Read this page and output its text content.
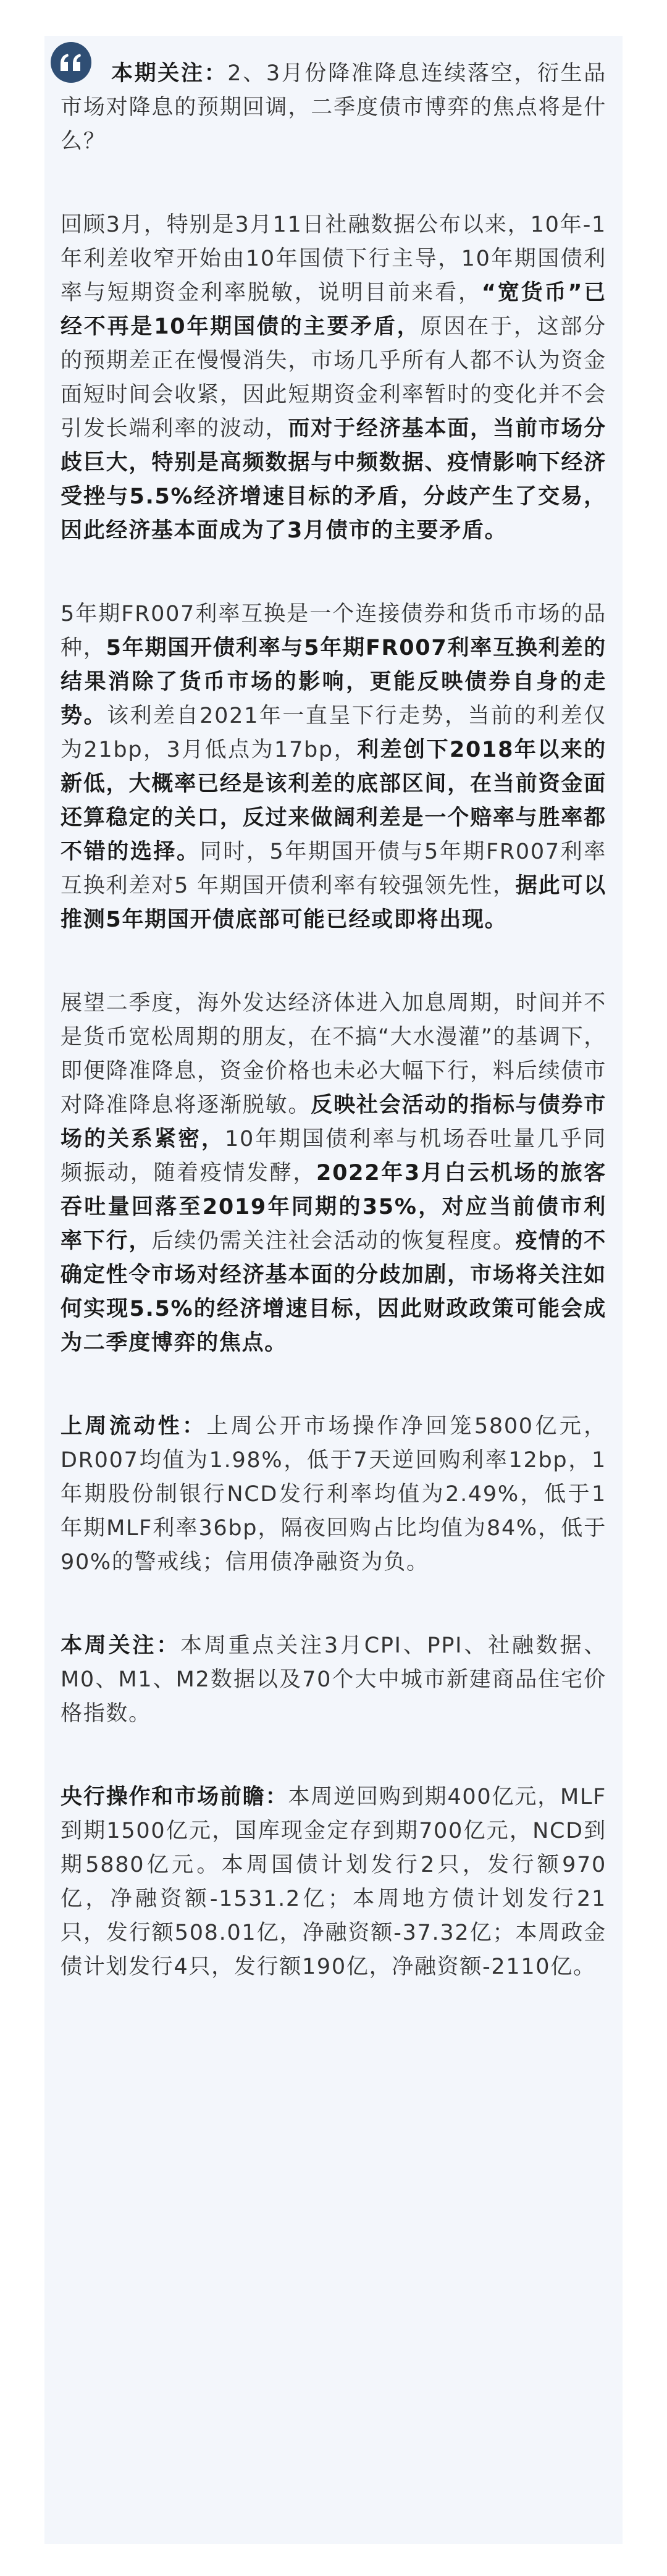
本期关注：2、3月份降准降息连续落空，衍生品市场对降息的预期回调，二季度债市博弈的焦点将是什么？

回顾3月，特别是3月11日社融数据公布以来，10年-1年利差收窄开始由10年国债下行主导，10年期国债利率与短期资金利率脱敏，说明目前来看，“宽货币”已经不再是10年期国债的主要矛盾，原因在于，这部分的预期差正在慢慢消失，市场几乎所有人都不认为资金面短时间会收紧，因此短期资金利率暂时的变化并不会引发长端利率的波动，而对于经济基本面，当前市场分歧巨大，特别是高频数据与中频数据、疫情影响下经济受挫与5.5%经济增速目标的矛盾，分歧产生了交易，因此经济基本面成为了3月债市的主要矛盾。

5年期FR007利率互换是一个连接债券和货币市场的品种，5年期国开债利率与5年期FR007利率互换利差的结果消除了货币市场的影响，更能反映债券自身的走势。该利差自2021年一直呈下行走势，当前的利差仅为21bp，3月低点为17bp，利差创下2018年以来的新低，大概率已经是该利差的底部区间，在当前资金面还算稳定的关口，反过来做阔利差是一个赔率与胜率都不错的选择。同时，5年期国开债与5年期FR007利率互换利差对5 年期国开债利率有较强领先性，据此可以推测5年期国开债底部可能已经或即将出现。

展望二季度，海外发达经济体进入加息周期，时间并不是货币宽松周期的朋友，在不搞“大水漫灌”的基调下，即便降准降息，资金价格也未必大幅下行，料后续债市对降准降息将逐渐脱敏。反映社会活动的指标与债券市场的关系紧密，10年期国债利率与机场吞吐量几乎同频振动，随着疫情发酵，2022年3月白云机场的旅客吞吐量回落至2019年同期的35%，对应当前债市利率下行，后续仍需关注社会活动的恢复程度。疫情的不确定性令市场对经济基本面的分歧加剧，市场将关注如何实现5.5%的经济增速目标，因此财政政策可能会成为二季度博弈的焦点。

上周流动性：上周公开市场操作净回笼5800亿元，DR007均值为1.98%，低于7天逆回购利率12bp，1年期股份制银行NCD发行利率均值为2.49%，低于1年期MLF利率36bp，隔夜回购占比均值为84%，低于90%的警戒线；信用债净融资为负。

本周关注：本周重点关注3月CPI、PPI、社融数据、M0、M1、M2数据以及70个大中城市新建商品住宅价格指数。

央行操作和市场前瞻：本周逆回购到期400亿元，MLF到期1500亿元，国库现金定存到期700亿元，NCD到期5880亿元。本周国债计划发行2只，发行额970亿，净融资额-1531.2亿；本周地方债计划发行21只，发行额508.01亿，净融资额-37.32亿；本周政金债计划发行4只，发行额190亿，净融资额-2110亿。
